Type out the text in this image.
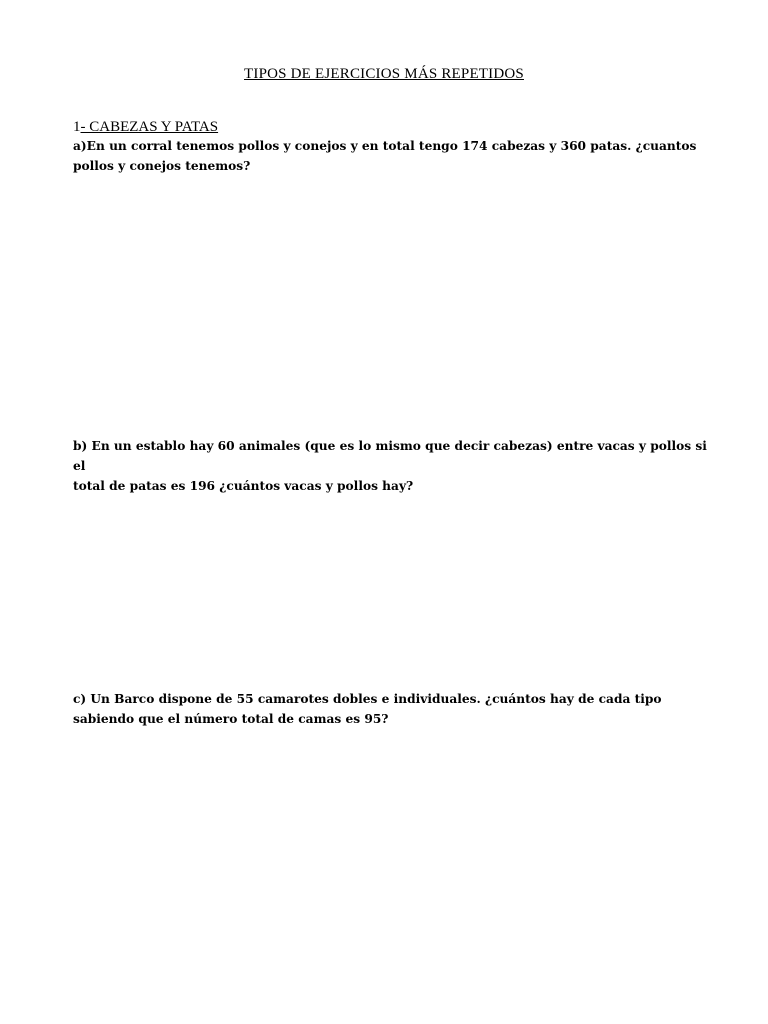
TIPOS DE EJERCICIOS MÁS REPETIDOS
1- CABEZAS Y PATAS
a)En un corral tenemos pollos y conejos y en total tengo 174 cabezas y 360 patas. ¿cuantos
pollos y conejos tenemos?
b) En un establo hay 60 animales (que es lo mismo que decir cabezas) entre vacas y pollos si el
total de patas es 196 ¿cuántos vacas y pollos hay?
c) Un Barco dispone de 55 camarotes dobles e individuales. ¿cuántos hay de cada tipo
sabiendo que el número total de camas es 95?
